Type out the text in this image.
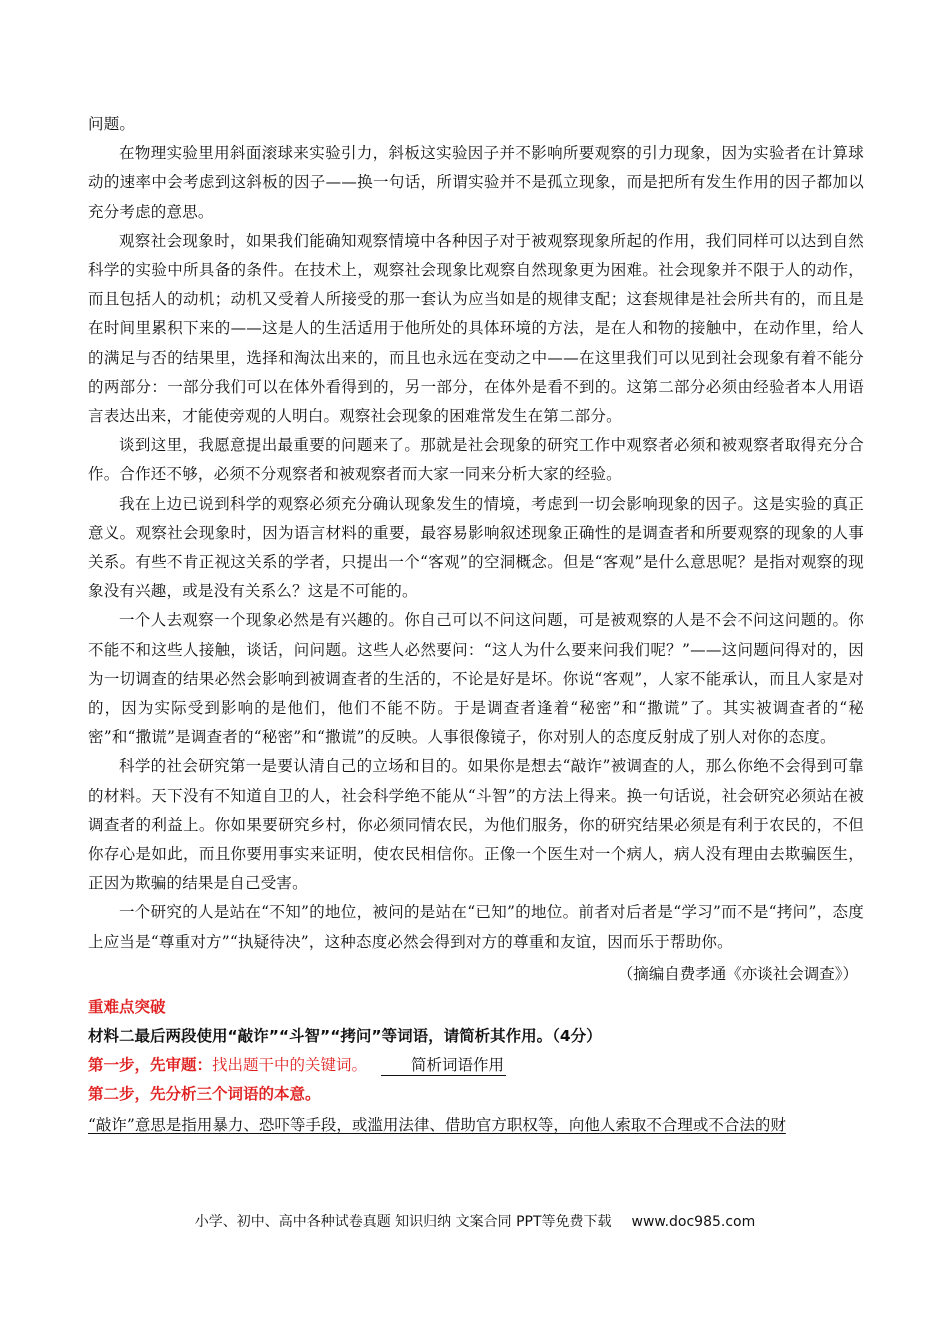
问题。

在物理实验里用斜面滚球来实验引力，斜板这实验因子并不影响所要观察的引力现象，因为实验者在计算球动的速率中会考虑到这斜板的因子——换一句话，所谓实验并不是孤立现象，而是把所有发生作用的因子都加以充分考虑的意思。

观察社会现象时，如果我们能确知观察情境中各种因子对于被观察现象所起的作用，我们同样可以达到自然科学的实验中所具备的条件。在技术上，观察社会现象比观察自然现象更为困难。社会现象并不限于人的动作，而且包括人的动机；动机又受着人所接受的那一套认为应当如是的规律支配；这套规律是社会所共有的，而且是在时间里累积下来的——这是人的生活适用于他所处的具体环境的方法，是在人和物的接触中，在动作里，给人的满足与否的结果里，选择和淘汰出来的，而且也永远在变动之中——在这里我们可以见到社会现象有着不能分的两部分：一部分我们可以在体外看得到的，另一部分，在体外是看不到的。这第二部分必须由经验者本人用语言表达出来，才能使旁观的人明白。观察社会现象的困难常发生在第二部分。

谈到这里，我愿意提出最重要的问题来了。那就是社会现象的研究工作中观察者必须和被观察者取得充分合作。合作还不够，必须不分观察者和被观察者而大家一同来分析大家的经验。

我在上边已说到科学的观察必须充分确认现象发生的情境，考虑到一切会影响现象的因子。这是实验的真正意义。观察社会现象时，因为语言材料的重要，最容易影响叙述现象正确性的是调查者和所要观察的现象的人事关系。有些不肯正视这关系的学者，只提出一个“客观”的空洞概念。但是“客观”是什么意思呢？是指对观察的现象没有兴趣，或是没有关系么？这是不可能的。

一个人去观察一个现象必然是有兴趣的。你自己可以不问这问题，可是被观察的人是不会不问这问题的。你不能不和这些人接触，谈话，问问题。这些人必然要问：“这人为什么要来问我们呢？”——这问题问得对的，因为一切调查的结果必然会影响到被调查者的生活的，不论是好是坏。你说“客观”，人家不能承认，而且人家是对的，因为实际受到影响的是他们，他们不能不防。于是调查者逢着“秘密”和“撒谎”了。其实被调查者的“秘密”和“撒谎”是调查者的“秘密”和“撒谎”的反映。人事很像镜子，你对别人的态度反射成了别人对你的态度。

科学的社会研究第一是要认清自己的立场和目的。如果你是想去“敲诈”被调查的人，那么你绝不会得到可靠的材料。天下没有不知道自卫的人，社会科学绝不能从“斗智”的方法上得来。换一句话说，社会研究必须站在被调查者的利益上。你如果要研究乡村，你必须同情农民，为他们服务，你的研究结果必须是有利于农民的，不但你存心是如此，而且你要用事实来证明，使农民相信你。正像一个医生对一个病人，病人没有理由去欺骗医生，正因为欺骗的结果是自己受害。

一个研究的人是站在“不知”的地位，被问的是站在“已知”的地位。前者对后者是“学习”而不是“拷问”，态度上应当是“尊重对方”“执疑待决”，这种态度必然会得到对方的尊重和友谊，因而乐于帮助你。

（摘编自费孝通《亦谈社会调查》）

重难点突破

材料二最后两段使用“敲诈”“斗智”“拷问”等词语，请简析其作用。（4分）

第一步，先审题：找出题干中的关键词。	简析词语作用

第二步，先分析三个词语的本意。

“敲诈”意思是指用暴力、恐吓等手段，或滥用法律、借助官方职权等，向他人索取不合理或不合法的财

小学、初中、高中各种试卷真题 知识归纳 文案合同 PPT等免费下载 www.doc985.com
